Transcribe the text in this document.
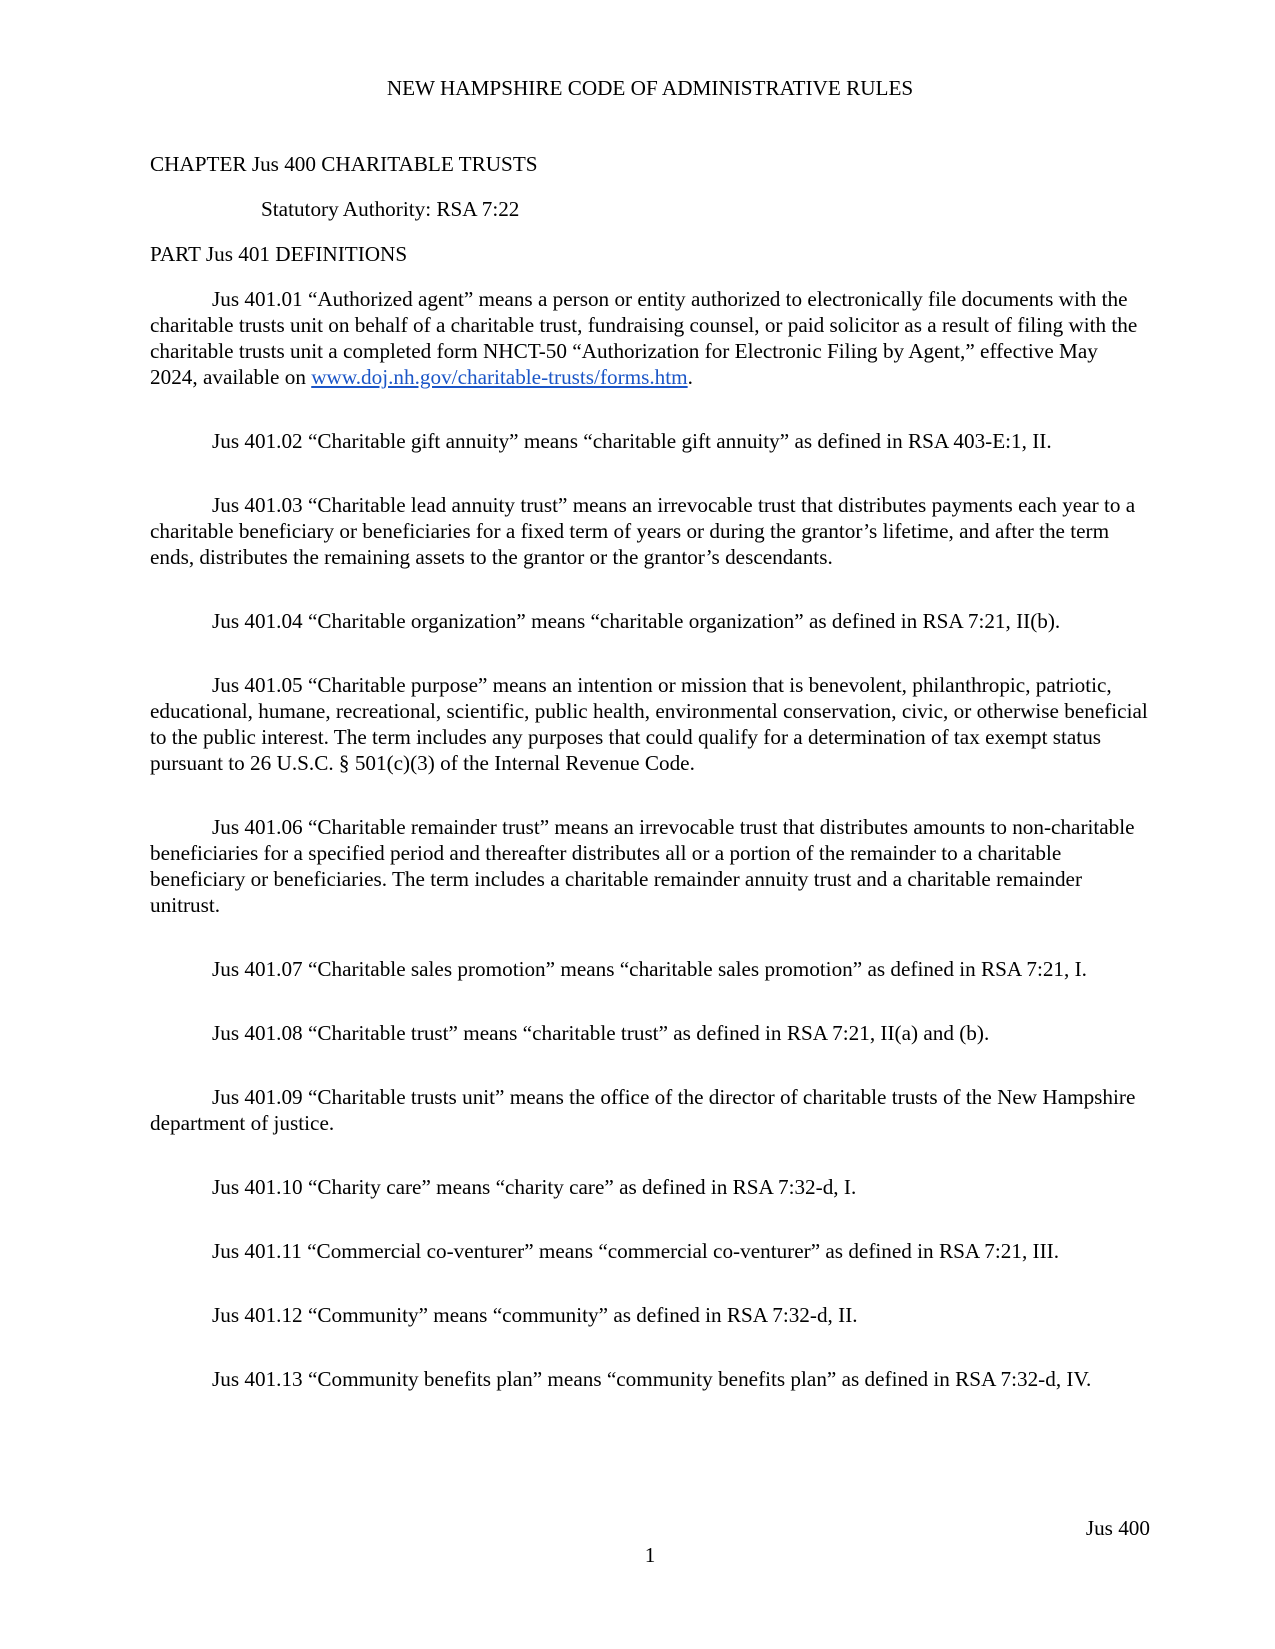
NEW HAMPSHIRE CODE OF ADMINISTRATIVE RULES
CHAPTER Jus 400 CHARITABLE TRUSTS
Statutory Authority: RSA 7:22
PART Jus 401 DEFINITIONS

Jus 401.01 “Authorized agent” means a person or entity authorized to electronically file documents with the charitable trusts unit on behalf of a charitable trust, fundraising counsel, or paid solicitor as a result of filing with the charitable trusts unit a completed form NHCT-50 “Authorization for Electronic Filing by Agent,” effective May 2024, available on www.doj.nh.gov/charitable-trusts/forms.htm.

Jus 401.02 “Charitable gift annuity” means “charitable gift annuity” as defined in RSA 403-E:1, II.

Jus 401.03 “Charitable lead annuity trust” means an irrevocable trust that distributes payments each year to a charitable beneficiary or beneficiaries for a fixed term of years or during the grantor’s lifetime, and after the term ends, distributes the remaining assets to the grantor or the grantor’s descendants.

Jus 401.04 “Charitable organization” means “charitable organization” as defined in RSA 7:21, II(b).

Jus 401.05 “Charitable purpose” means an intention or mission that is benevolent, philanthropic, patriotic, educational, humane, recreational, scientific, public health, environmental conservation, civic, or otherwise beneficial to the public interest. The term includes any purposes that could qualify for a determination of tax exempt status pursuant to 26 U.S.C. § 501(c)(3) of the Internal Revenue Code.

Jus 401.06 “Charitable remainder trust” means an irrevocable trust that distributes amounts to non-charitable beneficiaries for a specified period and thereafter distributes all or a portion of the remainder to a charitable beneficiary or beneficiaries. The term includes a charitable remainder annuity trust and a charitable remainder unitrust.

Jus 401.07 “Charitable sales promotion” means “charitable sales promotion” as defined in RSA 7:21, I.

Jus 401.08 “Charitable trust” means “charitable trust” as defined in RSA 7:21, II(a) and (b).

Jus 401.09 “Charitable trusts unit” means the office of the director of charitable trusts of the New Hampshire department of justice.

Jus 401.10 “Charity care” means “charity care” as defined in RSA 7:32-d, I.

Jus 401.11 “Commercial co-venturer” means “commercial co-venturer” as defined in RSA 7:21, III.

Jus 401.12 “Community” means “community” as defined in RSA 7:32-d, II.

Jus 401.13 “Community benefits plan” means “community benefits plan” as defined in RSA 7:32-d, IV.

Jus 400
1
